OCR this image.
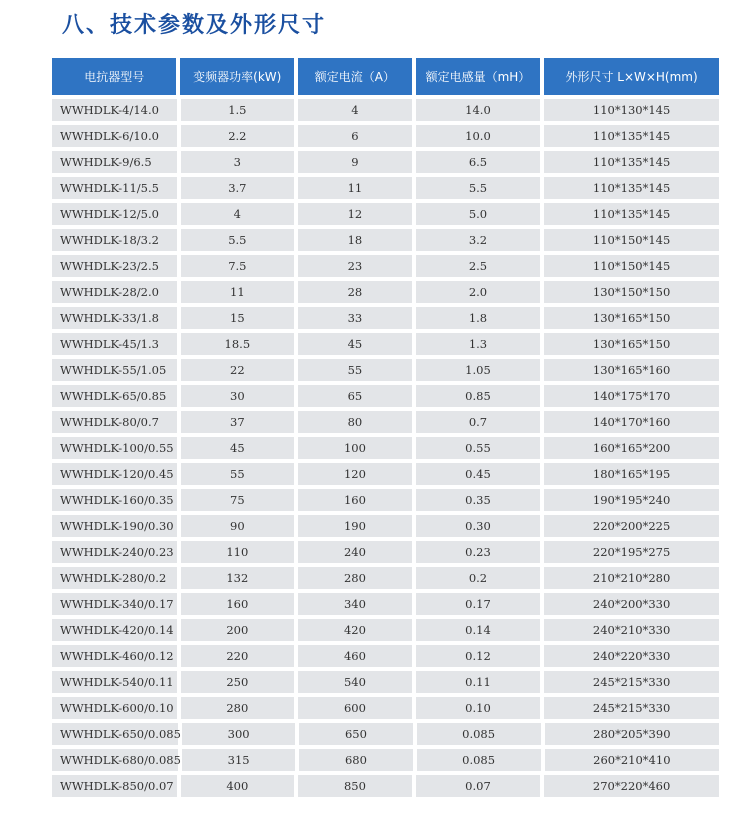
八、技术参数及外形尺寸
电抗器型号	变频器功率(kW)	额定电流（A）	额定电感量（mH）	外形尺寸 L×W×H(mm)
WWHDLK-4/14.0	1.5	4	14.0	110*130*145
WWHDLK-6/10.0	2.2	6	10.0	110*135*145
WWHDLK-9/6.5	3	9	6.5	110*135*145
WWHDLK-11/5.5	3.7	11	5.5	110*135*145
WWHDLK-12/5.0	4	12	5.0	110*135*145
WWHDLK-18/3.2	5.5	18	3.2	110*150*145
WWHDLK-23/2.5	7.5	23	2.5	110*150*145
WWHDLK-28/2.0	11	28	2.0	130*150*150
WWHDLK-33/1.8	15	33	1.8	130*165*150
WWHDLK-45/1.3	18.5	45	1.3	130*165*150
WWHDLK-55/1.05	22	55	1.05	130*165*160
WWHDLK-65/0.85	30	65	0.85	140*175*170
WWHDLK-80/0.7	37	80	0.7	140*170*160
WWHDLK-100/0.55	45	100	0.55	160*165*200
WWHDLK-120/0.45	55	120	0.45	180*165*195
WWHDLK-160/0.35	75	160	0.35	190*195*240
WWHDLK-190/0.30	90	190	0.30	220*200*225
WWHDLK-240/0.23	110	240	0.23	220*195*275
WWHDLK-280/0.2	132	280	0.2	210*210*280
WWHDLK-340/0.17	160	340	0.17	240*200*330
WWHDLK-420/0.14	200	420	0.14	240*210*330
WWHDLK-460/0.12	220	460	0.12	240*220*330
WWHDLK-540/0.11	250	540	0.11	245*215*330
WWHDLK-600/0.10	280	600	0.10	245*215*330
WWHDLK-650/0.085	300	650	0.085	280*205*390
WWHDLK-680/0.085	315	680	0.085	260*210*410
WWHDLK-850/0.07	400	850	0.07	270*220*460
